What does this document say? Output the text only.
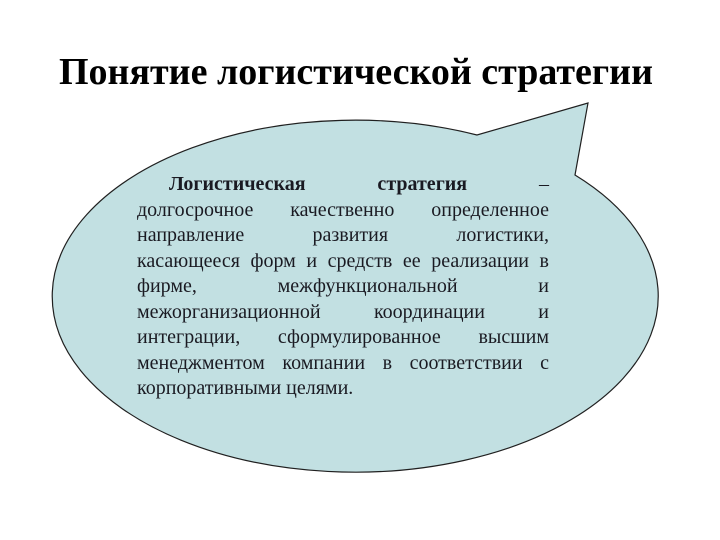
Понятие логистической стратегии
Логистическая стратегия	–
долгосрочное качественно определенное
направление развития логистики,
касающееся форм и средств ее реализации в
фирме, межфункциональной и
межорганизационной координации и
интеграции, сформулированное высшим
менеджментом компании в соответствии с
корпоративными целями.
